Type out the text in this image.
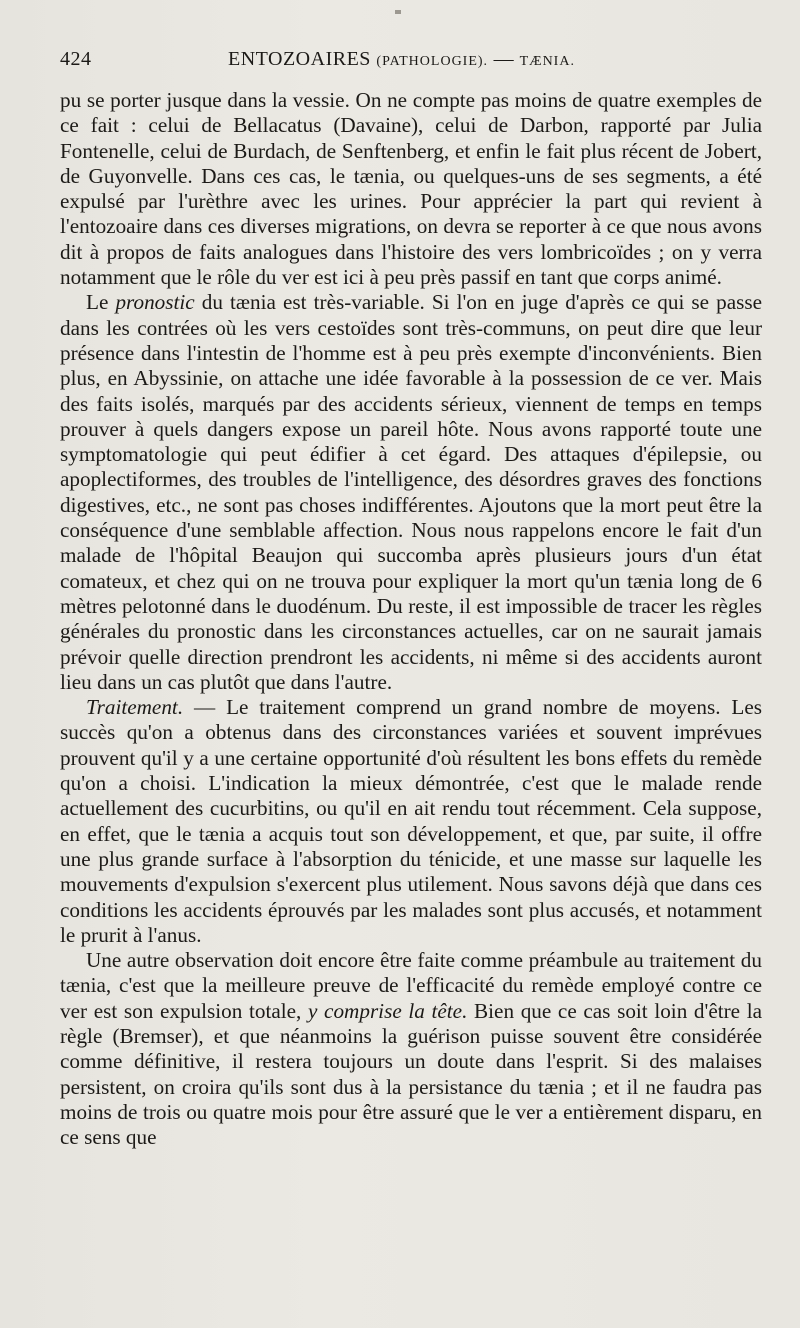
424	ENTOZOAIRES (PATHOLOGIE). — TÆNIA.

pu se porter jusque dans la vessie. On ne compte pas moins de quatre exemples de ce fait : celui de Bellacatus (Davaine), celui de Darbon, rapporté par Julia Fontenelle, celui de Burdach, de Senftenberg, et enfin le fait plus récent de Jobert, de Guyonvelle. Dans ces cas, le tænia, ou quelques-uns de ses segments, a été expulsé par l'urèthre avec les urines. Pour apprécier la part qui revient à l'entozoaire dans ces diverses migrations, on devra se reporter à ce que nous avons dit à propos de faits analogues dans l'histoire des vers lombricoïdes ; on y verra notamment que le rôle du ver est ici à peu près passif en tant que corps animé.

Le pronostic du tænia est très-variable. Si l'on en juge d'après ce qui se passe dans les contrées où les vers cestoïdes sont très-communs, on peut dire que leur présence dans l'intestin de l'homme est à peu près exempte d'inconvénients. Bien plus, en Abyssinie, on attache une idée favorable à la possession de ce ver. Mais des faits isolés, marqués par des accidents sérieux, viennent de temps en temps prouver à quels dangers expose un pareil hôte. Nous avons rapporté toute une symptomatologie qui peut édifier à cet égard. Des attaques d'épilepsie, ou apoplectiformes, des troubles de l'intelligence, des désordres graves des fonctions digestives, etc., ne sont pas choses indifférentes. Ajoutons que la mort peut être la conséquence d'une semblable affection. Nous nous rappelons encore le fait d'un malade de l'hôpital Beaujon qui succomba après plusieurs jours d'un état comateux, et chez qui on ne trouva pour expliquer la mort qu'un tænia long de 6 mètres pelotonné dans le duodénum. Du reste, il est impossible de tracer les règles générales du pronostic dans les circonstances actuelles, car on ne saurait jamais prévoir quelle direction prendront les accidents, ni même si des accidents auront lieu dans un cas plutôt que dans l'autre.

Traitement. — Le traitement comprend un grand nombre de moyens. Les succès qu'on a obtenus dans des circonstances variées et souvent imprévues prouvent qu'il y a une certaine opportunité d'où résultent les bons effets du remède qu'on a choisi. L'indication la mieux démontrée, c'est que le malade rende actuellement des cucurbitins, ou qu'il en ait rendu tout récemment. Cela suppose, en effet, que le tænia a acquis tout son développement, et que, par suite, il offre une plus grande surface à l'absorption du ténicide, et une masse sur laquelle les mouvements d'expulsion s'exercent plus utilement. Nous savons déjà que dans ces conditions les accidents éprouvés par les malades sont plus accusés, et notamment le prurit à l'anus.

Une autre observation doit encore être faite comme préambule au traitement du tænia, c'est que la meilleure preuve de l'efficacité du remède employé contre ce ver est son expulsion totale, y comprise la tête. Bien que ce cas soit loin d'être la règle (Bremser), et que néanmoins la guérison puisse souvent être considérée comme définitive, il restera toujours un doute dans l'esprit. Si des malaises persistent, on croira qu'ils sont dus à la persistance du tænia ; et il ne faudra pas moins de trois ou quatre mois pour être assuré que le ver a entièrement disparu, en ce sens que
